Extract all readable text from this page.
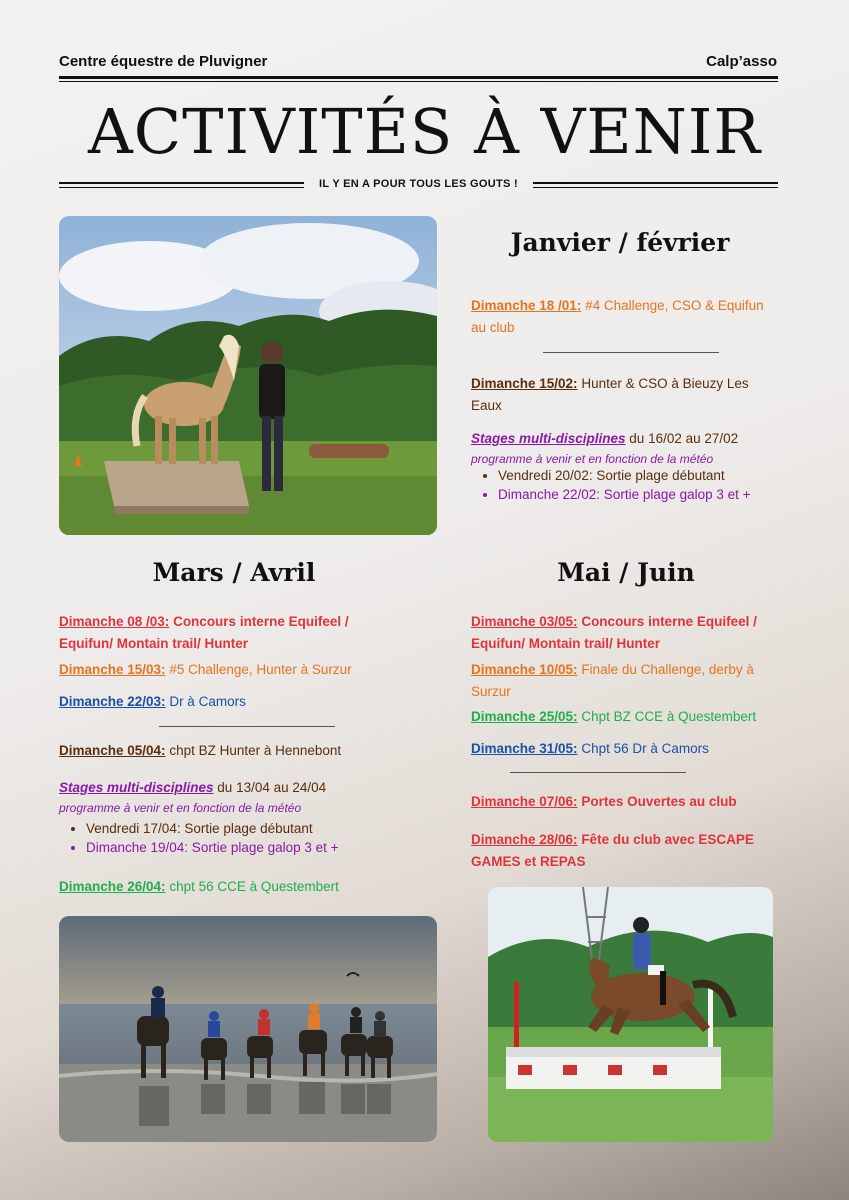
Centre équestre de Pluvigner	Calp’asso
ACTIVITÉS À VENIR
IL Y EN A POUR TOUS LES GOUTS !
Janvier / février
Dimanche 18 /01: #4 Challenge, CSO & Equifun au club
Dimanche 15/02: Hunter & CSO à Bieuzy Les Eaux
Stages multi-disciplines du 16/02 au 27/02
programme à venir et en fonction de la météo
• Vendredi 20/02: Sortie plage débutant
• Dimanche 22/02: Sortie plage galop 3 et +
Mars / Avril
Dimanche 08 /03: Concours interne Equifeel / Equifun/ Montain trail/ Hunter
Dimanche 15/03: #5 Challenge, Hunter à Surzur
Dimanche 22/03: Dr à Camors
Dimanche 05/04: chpt BZ Hunter à Hennebont
Stages multi-disciplines du 13/04 au 24/04
programme à venir et en fonction de la météo
• Vendredi 17/04: Sortie plage débutant
• Dimanche 19/04: Sortie plage galop 3 et +
Dimanche 26/04: chpt 56 CCE à Questembert
Mai / Juin
Dimanche 03/05: Concours interne Equifeel / Equifun/ Montain trail/ Hunter
Dimanche 10/05: Finale du Challenge, derby à Surzur
Dimanche 25/05: Chpt BZ CCE à Questembert
Dimanche 31/05: Chpt 56 Dr à Camors
Dimanche 07/06: Portes Ouvertes au club
Dimanche 28/06: Fête du club avec ESCAPE GAMES et REPAS
